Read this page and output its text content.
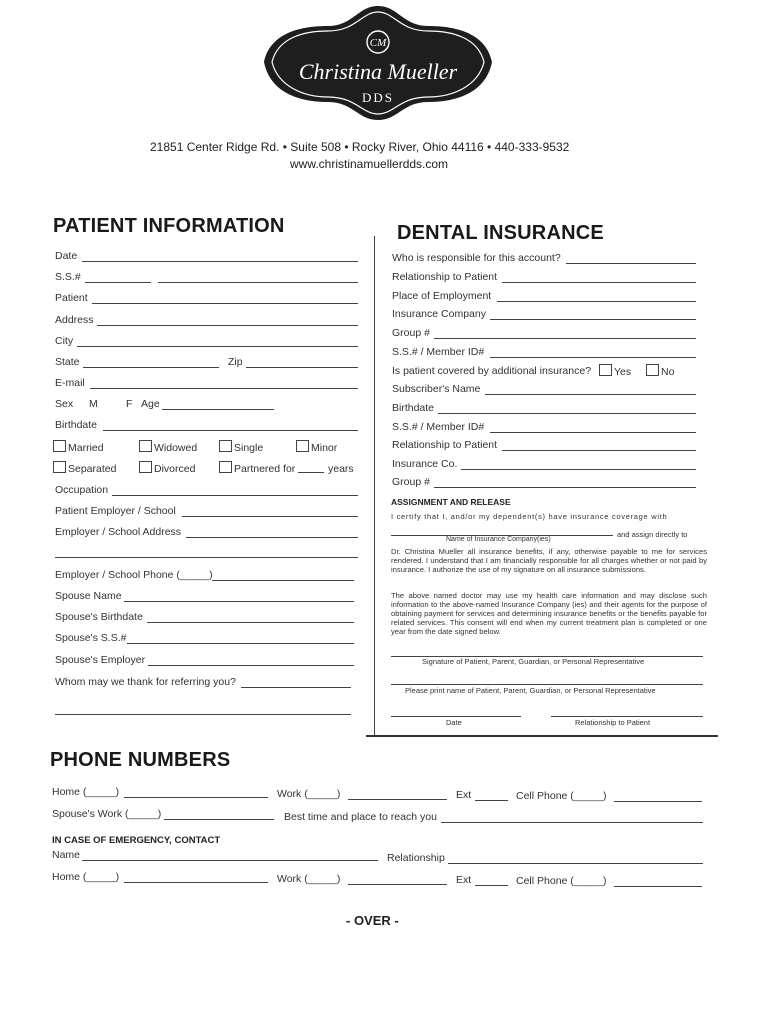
CM
Christina Mueller
DDS
21851 Center Ridge Rd. • Suite 508 • Rocky River, Ohio 44116 • 440-333-9532
www.christinamuellerdds.com
PATIENT INFORMATION
Date
S.S.#
Patient
Address
City
State	Zip
E-mail
Sex M	F Age
Birthdate
Married	Widowed	Single	Minor
Separated	Divorced	Partnered for	years
Occupation
Patient Employer / School
Employer / School Address
Employer / School Phone (_____)
Spouse Name
Spouse's Birthdate
Spouse's S.S.#
Spouse's Employer
Whom may we thank for referring you?
DENTAL INSURANCE
Who is responsible for this account?
Relationship to Patient
Place of Employment
Insurance Company
Group #
S.S.# / Member ID#
Is patient covered by additional insurance?	Yes	No
Subscriber's Name
Birthdate
S.S.# / Member ID#
Relationship to Patient
Insurance Co.
Group #
ASSIGNMENT AND RELEASE
I certify that I, and/or my dependent(s) have insurance coverage with
Name of Insurance Company(ies)
and assign directly to
Dr. Christina Mueller all insurance benefits, if any, otherwise payable to me for services rendered. I understand that I am financially responsible for all charges whether or not paid by insurance. I authorize the use of my signature on all insurance submissions.
The above named doctor may use my health care information and may disclose such information to the above-named Insurance Company (ies) and their agents for the purpose of obtaining payment for services and determining insurance benefits or the benefits payable for related services. This consent will end when my current treatment plan is completed or one year from the date signed below.
Signature of Patient, Parent, Guardian, or Personal Representative
Please print name of Patient, Parent, Guardian, or Personal Representative
Date	Relationship to Patient
PHONE NUMBERS
Home (_____)	Work (_____)	Ext	Cell Phone (_____)
Spouse's Work (_____)	Best time and place to reach you
IN CASE OF EMERGENCY, CONTACT
Name	Relationship
Home (_____)	Work (_____)	Ext	Cell Phone (_____)
- OVER -
